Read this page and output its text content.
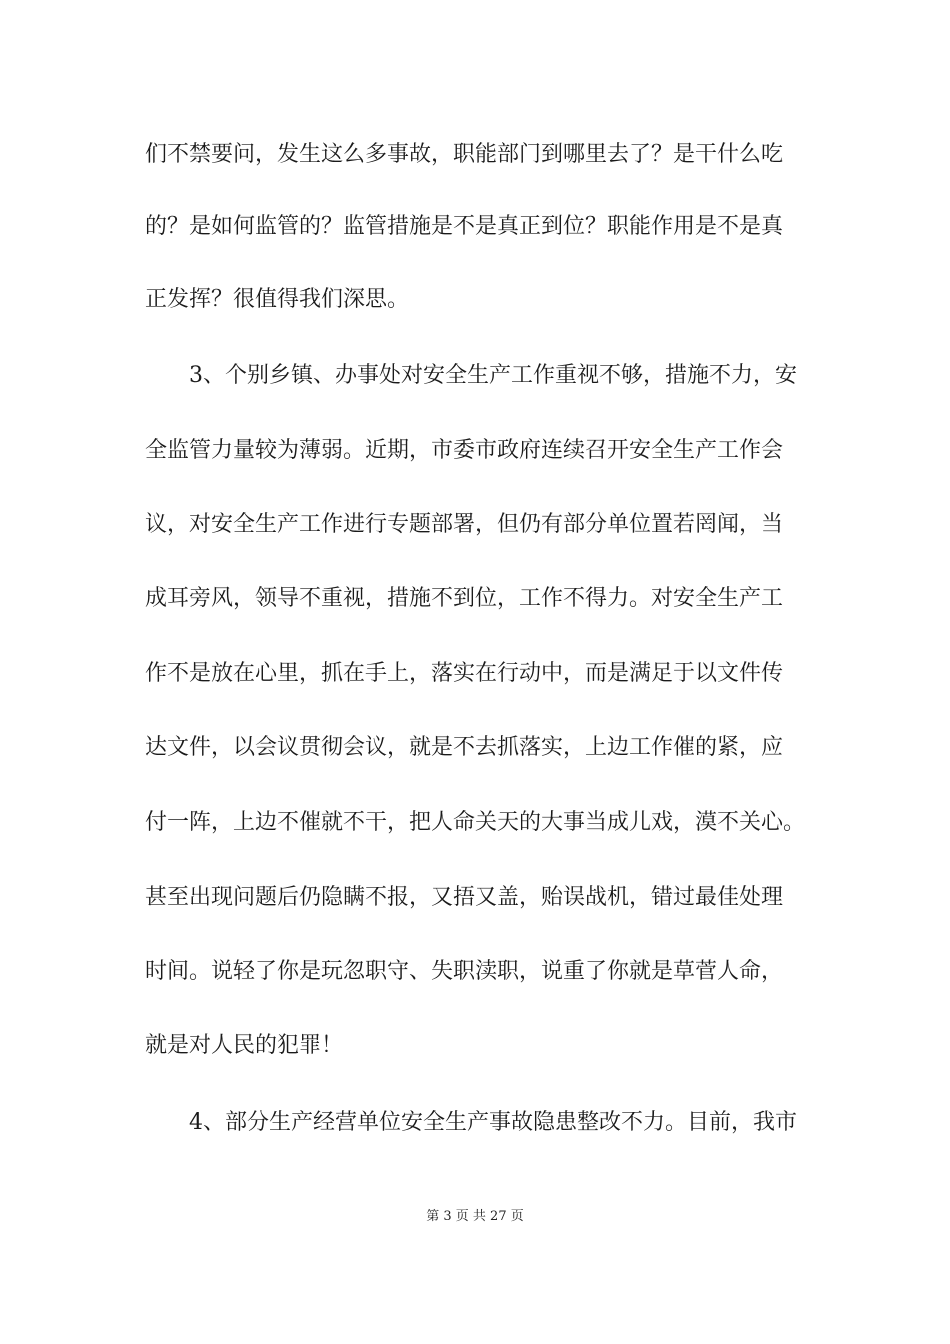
们不禁要问，发生这么多事故，职能部门到哪里去了？是干什么吃
的？是如何监管的？监管措施是不是真正到位？职能作用是不是真
正发挥？很值得我们深思。
　　3、个别乡镇、办事处对安全生产工作重视不够，措施不力，安
全监管力量较为薄弱。近期，市委市政府连续召开安全生产工作会
议，对安全生产工作进行专题部署，但仍有部分单位置若罔闻，当
成耳旁风，领导不重视，措施不到位，工作不得力。对安全生产工
作不是放在心里，抓在手上，落实在行动中，而是满足于以文件传
达文件，以会议贯彻会议，就是不去抓落实，上边工作催的紧，应
付一阵，上边不催就不干，把人命关天的大事当成儿戏，漠不关心。
甚至出现问题后仍隐瞒不报，又捂又盖，贻误战机，错过最佳处理
时间。说轻了你是玩忽职守、失职渎职，说重了你就是草菅人命，
就是对人民的犯罪！
　　4、部分生产经营单位安全生产事故隐患整改不力。目前，我市
第 3 页 共 27 页
